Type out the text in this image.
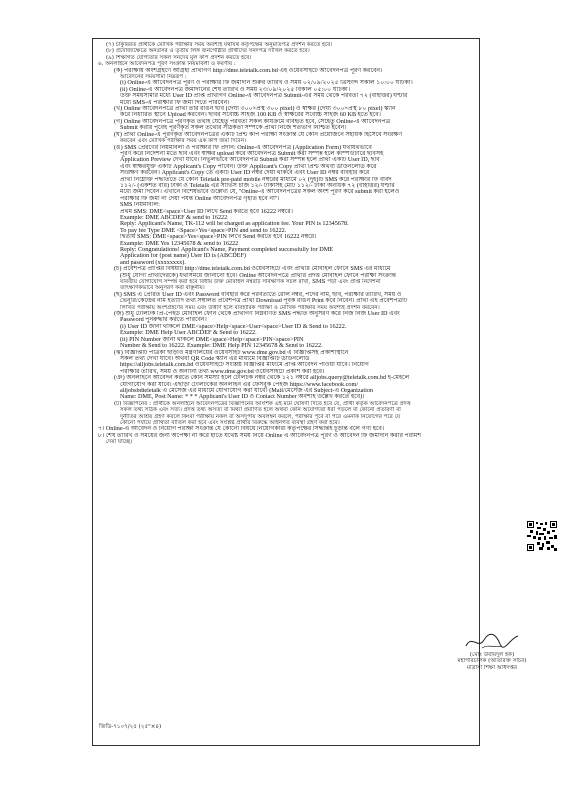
(৭) চাকুরিরত প্রার্থীকে মৌখিক পরীক্ষার সময় অবশ্যই যথাযথ কর্তৃপক্ষের অনুমতিপত্র প্রদর্শন করতে হবে।
(৮) প্রযোজ্যক্ষেত্রে অনগ্রসর ও তৃতীয় লিঙ্গ জনগোষ্ঠীর প্রার্থীদের সনদপত্র দাখিল করতে হবে।
(৯) শিক্ষাগত যোগ্যতার সকল সনদের মূল কপি প্রদর্শন করতে হবে।
৬. অনলাইনে আবেদনপত্র পূরণ সংক্রান্ত নিয়মাবলী ও করণীয় :
(ক) পরীক্ষায় অংশগ্রহণে আগ্রহী প্রার্থীগণ http://dme.teletalk.com.bd এই ওয়েবসাইটে আবেদনপত্র পূরণ করবেন।
আবেদনের সময়সীমা নিম্নরূপ :
(i) Online-এ আবেদনপত্র পূরণ ও পরীক্ষার ফি জমাদান শুরুর তারিখ ও সময় ০২/০৯/২০২৫ খ্রিস্টাব্দ সকাল ১০:০০ ঘটিকা।
(ii) Online-এ আবেদনপত্র জমাদানের শেষ তারিখ ও সময় ২৩/০৯/২০২৫ বিকাল ০৫:০০ ঘটিকা।
উক্ত সময়সীমার মধ্যে User ID প্রাপ্ত প্রার্থীগণ Online-এ আবেদনপত্র Submit-এর সময় থেকে পরবর্তী ৭২ (বাহাত্তর) ঘণ্টার
মধ্যে SMS-এ পরীক্ষার ফি জমা দিতে পারবেন।
(খ) Online আবেদনপত্রে প্রার্থী তার রঙিন ছবি (দৈর্ঘ্য ৩০০×প্রস্থ ৩০০ pixel) ও স্বাক্ষর (দৈর্ঘ্য ৩০০×প্রস্থ ৮০ pixel) স্ক্যান
করে নির্ধারিত স্থানে Upload করবেন। ছবির সর্বোচ্চ সাইজ 100 KB ও স্বাক্ষরের সর্বোচ্চ সাইজ 60 KB হতে হবে।
(গ) Online আবেদনপত্রে পূরণকৃত তথ্যই যেহেতু পরবর্তী সকল কার্যক্রমে ব্যবহৃত হবে, সেহেতু Online-এ আবেদনপত্র
Submit করার পূর্বেই পূরণকৃত সকল তথ্যের সঠিকতা সম্পর্কে প্রার্থী নিজে শতভাগ নিশ্চিত হবেন।
(ঘ) প্রার্থী Online-এ পূরণকৃত আবেদনপত্রের একটি প্রিন্ট কপি পরীক্ষা সংক্রান্ত যে কোন প্রয়োজনে সহায়ক হিসেবে সংরক্ষণ
করবেন এবং মৌখিক পরীক্ষার সময় এক কপি জমা দিবেন।
(ঙ) SMS প্রেরণের নিয়মাবলী ও পরীক্ষার ফি প্রদান: Online-এ আবেদনপত্র (Application Form) যথাযথভাবে
পূরণ করে নির্দেশনা মতে ছবি এবং স্বাক্ষর upload করে আবেদনপত্র Submit করা সম্পন্ন হলে কম্পিউটারে ছবিসহ
Application Preview দেখা যাবে। নির্ভুলভাবে আবেদনপত্র Submit করা সম্পন্ন হলে প্রার্থী একটি User ID, ছবি
এবং স্বাক্ষরযুক্ত একটি Applicant's Copy পাবেন। উক্ত Applicant's Copy প্রার্থী প্রিন্ট অথবা ডাউনলোড করে
সংরক্ষণ করবেন। Applicant's Copy তে একটি User ID নম্বর দেয়া থাকবে এবং User ID নম্বর ব্যবহার করে
প্রার্থী নিম্নোক্ত পদ্ধতিতে যে কোন Teletalk pre-paid mobile নম্বরের মাধ্যমে ০২ (দুই)টি SMS করে পরীক্ষার ফি বাবদ
১১২/- (একশত বার) টাকা ও Teletalk এর সার্ভিস চার্জ ১২/- টাকাসহ মোট ১১২/- টাকা অনধিক ৭২ (বাহাত্তর) ঘণ্টার
মধ্যে জমা দিবেন। এখানে বিশেষভাবে উল্লেখ্য যে, "Online-এ আবেদনপত্রের সকল অংশ পূরণ করে submit করা হলেও
পরীক্ষার ফি জমা না দেয়া পর্যন্ত Online আবেদনপত্র গৃহীত হবে না"।
SMS নিয়মাবলি:
প্রথম SMS: DME<space>User ID লিখে Send করতে হবে 16222 নম্বরে।
Example: DME ABCDEF & send to 16222
Reply: Applicant's Name, TK-112 will be charged as application fee. Your PIN is 12345678.
To pay fee Type DME <Space>Yes<space>PIN and send to 16222.
দ্বিতীয় SMS: DME<space>Yes<space>PIN লিখে Send করতে হবে 16222 নম্বরে।
Example: DME Yes 12345678 & send to 16222
Reply: Congratulations! Applicant's Name, Payment completed successfully for DME
Application for (post name) User ID is (ABCDEF)
and password (xxxxxxxx).
(চ) প্রবেশপত্র প্রাপ্তির বিষয়টি http://dme.teletalk.com.bd ওয়েবসাইটে এবং প্রার্থীর মোবাইল ফোনে SMS এর মাধ্যমে
(শুধু যোগ্য প্রার্থীদেরকে) যথাসময়ে জানানো হবে। Online আবেদনপত্রে প্রার্থীর প্রদত্ত মোবাইল ফোনে পরীক্ষা সংক্রান্ত
যাবতীয় যোগাযোগ সম্পন্ন করা হবে বিধায় উক্ত মোবাইল নম্বরটি সার্বক্ষণিক সচল রাখা, SMS পড়া এবং প্রাপ্ত নির্দেশনা
তাৎক্ষণিকভাবে অনুসরণ করা বাঞ্ছনীয়।
(ছ) SMS এ প্রেরিত User ID এবং Password ব্যবহার করে পরবর্তীতে রোল নম্বর, পদের নাম, ছবি, পরীক্ষার তারিখ, সময় ও
ভেন্যুর/কেন্দ্রের নাম ইত্যাদি তথ্য সম্বলিত প্রবেশপত্র প্রার্থী Download পূর্বক রঙিন Print করে নিবেন। প্রার্থী এই প্রবেশপত্রটি
লিখিত পরীক্ষায় অংশগ্রহণের সময় এবং উত্তীর্ণ হলে ব্যবহারিক পরীক্ষা ও মৌখিক পরীক্ষার সময় অবশ্যই প্রদর্শন করবেন।
(জ) শুধু টেলিটক প্রি-পেইড মোবাইল ফোন থেকে প্রার্থীগণ নিম্নবর্ণিত SMS পদ্ধতি অনুসরণ করে নিজ নিজ User ID এবং
Password পুনরুদ্ধার করতে পারবেন।
(i) User ID জানা থাকলে DME<space>Help<space>User<space>User ID & Send to 16222.
Example: DME Help User ABCDEF & Send to 16222.
(ii) PIN Number জানা থাকলে DME<space>Help<space>PIN<space>PIN
Number & Send to 16222. Example: DME Help PIN 12345678 & Send to 16222.
(ঝ) বিজ্ঞপ্তিটি পত্রিকা ছাড়াও মন্ত্রণালয়ের ওয়েবসাইট www.dme.gov.bd এ বিজ্ঞপ্তিসহ প্রকাশ্যস্থানে
সকল তথ্য দেখা যাবে। অথবা QR Code স্ক্যান এর মাধ্যমে বিজ্ঞপ্তিটি ডাউনলোড
https://alljobs.teletalk.com.bd ওয়েবসাইটে সংশ্লিষ্ট বিজ্ঞপ্তির মাধ্যমে প্রাপ্ত আবেদন পাওয়া যাবে। নিয়োগ
পরীক্ষার তারিখ, সময় ও অন্যান্য তথ্য www.dme.gov.bd ওয়েবসাইটে প্রকাশ করা হবে।
(ঞ) অনলাইনে আবেদন করতে কোন সমস্যা হলে টেলিটক নম্বর থেকে ১২১ নম্বরে alljobs.query@teletalk.com.bd ই-মেইলে
যোগাযোগ করা যাবে। এছাড়া টেলিটকের অনলাইন এর ফেসবুক পেইজ https://www.facebook.com/
alljobsbdteletalk এ মেসেজ এর মাধ্যমে যোগাযোগ করা যাবে। (Mail/মেসেজ এর Subject-এ Organization
Name: DME, Post Name: * * * Applicant's User ID ও Contact Number অবশ্যই উল্লেখ করতে হবে)।
(ট) বিজ্ঞাপনের : প্রার্থীকে অনলাইনে আবেদনপত্রের বিজ্ঞাপনের আংশিক এই মর্মে ঘোষণা দিতে হবে যে, প্রার্থী কর্তৃক আবেদনপত্রে প্রদত্ত
সকল তথ্য সঠিক এবং সত্য। প্রদত্ত তথ্য অসত্য বা মিথ্যা প্রমাণিত হলে অথবা কোন অযোগ্যতা ধরা পড়লে বা কোনো প্রতারণা বা
দুর্নীতির আশ্রয় গ্রহণ করলে কিংবা পরীক্ষায় নকল বা অসদুপায় অবলম্বন করলে, পরীক্ষার পূর্বে বা পরে এমনকি নিয়োগের পরে যে
কোনো পর্যায়ে প্রার্থিতা বাতিল করা হবে এবং সংশ্লিষ্ট প্রার্থীর বিরুদ্ধে আইনগত ব্যবস্থা গ্রহণ করা হবে।
৭। Online-এ আবেদন ও নিয়োগ পরীক্ষা সংক্রান্ত যে কোনো বিষয়ে নিয়োগকারী কর্তৃপক্ষের সিদ্ধান্তই চূড়ান্ত বলে গণ্য হবে।
৮। শেষ তারিখ ও সময়ের জন্য অপেক্ষা না করে হাতে যথেষ্ট সময় নিয়ে Online এ আবেদনপত্র পূরণ ও আবেদন ফি জমাদান করার পরামর্শ
দেয়া যাচ্ছে।
জিডি-৭১০৭/২৫ (২৫"×৪)
(মোঃ উবায়দুল হক)
মহাপরিচালক (অতিরিক্ত সচিব)
মাদ্রাসা শিক্ষা অধিদপ্তর
